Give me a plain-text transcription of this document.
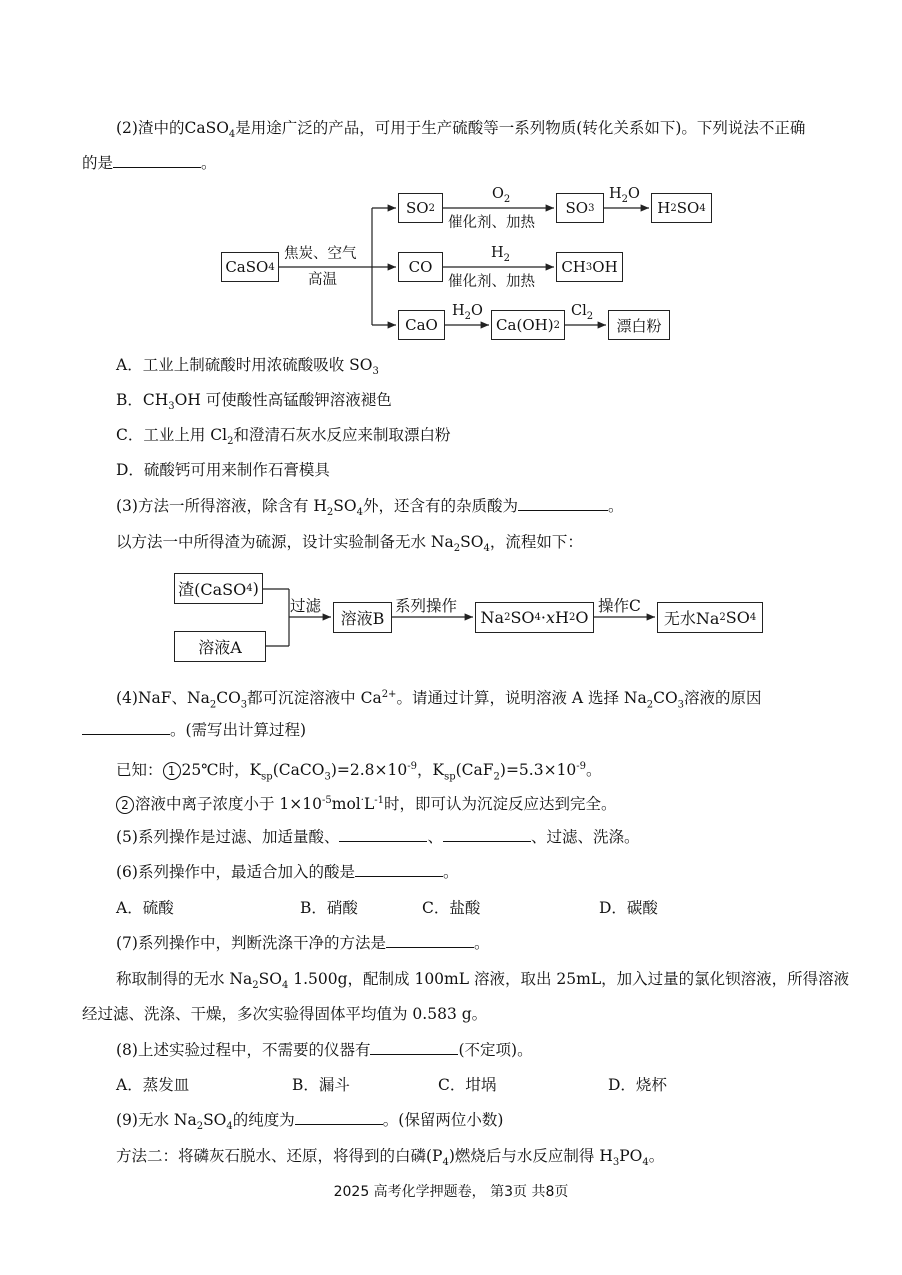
(2)渣中的CaSO$_4$是用途广泛的产品，可用于生产硫酸等一系列物质(转化关系如下)。下列说法不正确
的是	。
CaSO 4
焦炭、空气
高温
SO 2
$O_2$
催化剂、加热
SO 3
$H_2O$
H 2 SO 4
CO
$H_2$
催化剂、加热
CH 3 OH
CaO
$H_2O$
Ca(OH) 2
$Cl_2$
漂白粉
A．工业上制硫酸时用浓硫酸吸收 $SO_3$
B．$CH_3OH$ 可使酸性高锰酸钾溶液褪色
C．工业上用 $Cl_2$和澄清石灰水反应来制取漂白粉
D．硫酸钙可用来制作石膏模具
(3)方法一所得溶液，除含有 $H_2SO_4$外，还含有的杂质酸为	。
以方法一中所得渣为硫源，设计实验制备无水 $Na_2SO_4$，流程如下：
渣(CaSO 4 )
溶液A
过滤
溶液B
系列操作
Na 2 SO 4 · x H 2 O
操作C
无水Na 2 SO 4
(4)NaF、$Na_2CO_3$都可沉淀溶液中 $Ca^{2+}$。请通过计算，说明溶液 A 选择 $Na_2CO_3$溶液的原因
。(需写出计算过程)
已知： 1 25℃时，$K_{sp}(CaCO_3)=2.8\times 10^{-9}$，$K_{sp}(CaF_2)=5.3\times 10^{-9}$。
2 溶液中离子浓度小于 $1\times 10^{-5}mol^\cdot L^{-1}$时，即可认为沉淀反应达到完全。
(5)系列操作是过滤、加适量酸、	、	、过滤、洗涤。
(6)系列操作中，最适合加入的酸是	。
A．硫酸	B．硝酸	C．盐酸	D．碳酸
(7)系列操作中，判断洗涤干净的方法是	。
称取制得的无水 $Na_2SO_4$ 1.500g，配制成 100mL 溶液，取出 25mL，加入过量的氯化钡溶液，所得溶液
经过滤、洗涤、干燥，多次实验得固体平均值为 0.583 g。
(8)上述实验过程中，不需要的仪器有	(不定项)。
A．蒸发皿	B．漏斗	C．坩埚	D．烧杯
(9)无水 $Na_2SO_4$的纯度为	。(保留两位小数)
方法二：将磷灰石脱水、还原，将得到的白磷$(P_4)$燃烧后与水反应制得 $H_3PO_4$。
2025 高考化学押题卷， 第3页 共8页
